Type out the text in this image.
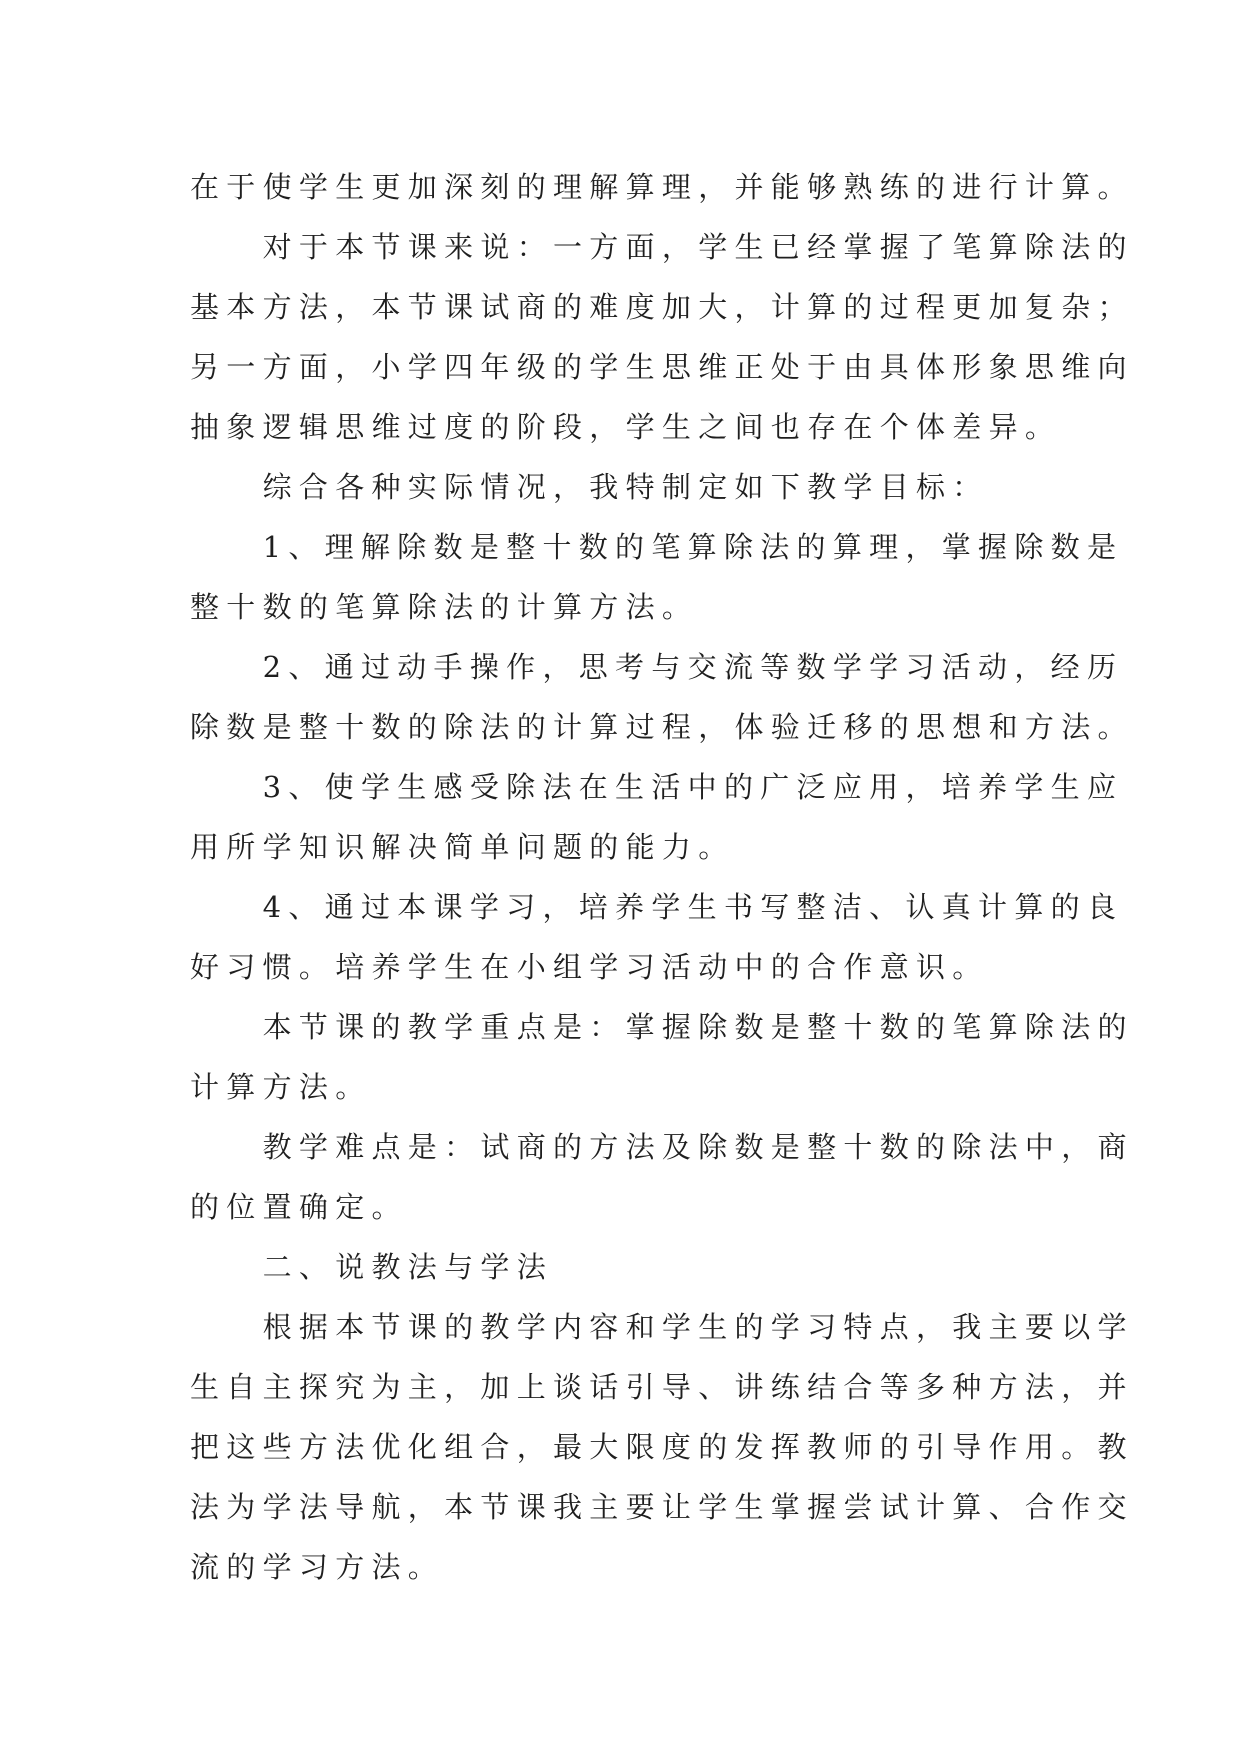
在于使学生更加深刻的理解算理，并能够熟练的进行计算。

　　对于本节课来说：一方面，学生已经掌握了笔算除法的

基本方法，本节课试商的难度加大，计算的过程更加复杂；

另一方面，小学四年级的学生思维正处于由具体形象思维向

抽象逻辑思维过度的阶段，学生之间也存在个体差异。

　　综合各种实际情况，我特制定如下教学目标：

　　1、理解除数是整十数的笔算除法的算理，掌握除数是

整十数的笔算除法的计算方法。

　　2、通过动手操作，思考与交流等数学学习活动，经历

除数是整十数的除法的计算过程，体验迁移的思想和方法。

　　3、使学生感受除法在生活中的广泛应用，培养学生应

用所学知识解决简单问题的能力。

　　4、通过本课学习，培养学生书写整洁、认真计算的良

好习惯。培养学生在小组学习活动中的合作意识。

　　本节课的教学重点是：掌握除数是整十数的笔算除法的

计算方法。

　　教学难点是：试商的方法及除数是整十数的除法中，商

的位置确定。

　　二、说教法与学法

　　根据本节课的教学内容和学生的学习特点，我主要以学

生自主探究为主，加上谈话引导、讲练结合等多种方法，并

把这些方法优化组合，最大限度的发挥教师的引导作用。教

法为学法导航，本节课我主要让学生掌握尝试计算、合作交

流的学习方法。
